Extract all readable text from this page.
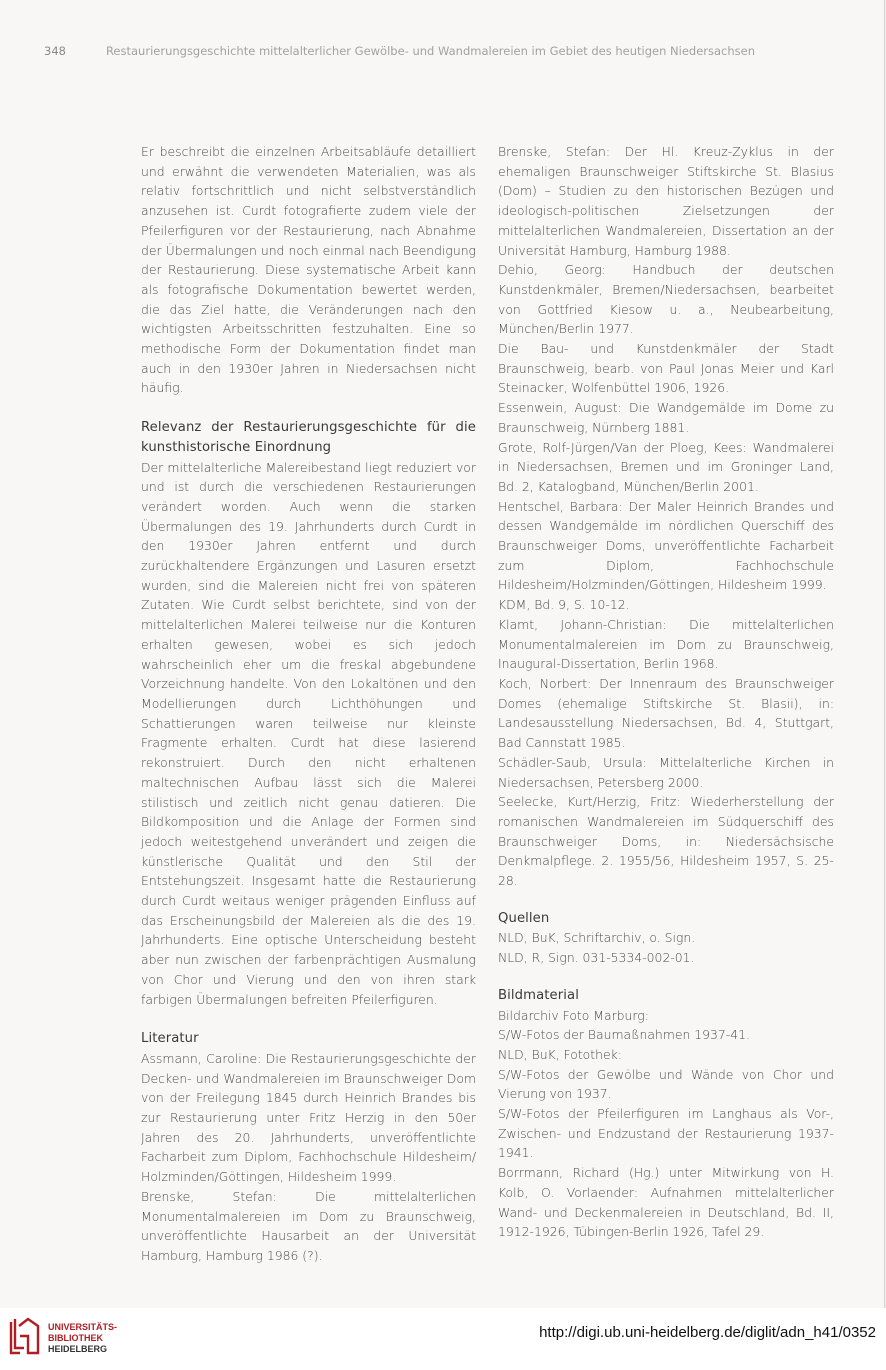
348	Restaurierungsgeschichte mittelalterlicher Gewölbe- und Wandmalereien im Gebiet des heutigen Niedersachsen

Er beschreibt die einzelnen Arbeitsabläufe detailliert und erwähnt die verwendeten Materialien, was als relativ fortschrittlich und nicht selbstverständlich anzusehen ist. Curdt fotografierte zudem viele der Pfeilerfiguren vor der Restaurierung, nach Abnahme der Übermalungen und noch einmal nach Beendigung der Restaurierung. Diese systematische Arbeit kann als fotografische Dokumentation bewertet werden, die das Ziel hatte, die Veränderungen nach den wichtigsten Arbeitsschritten festzuhalten. Eine so methodische Form der Dokumentation findet man auch in den 1930er Jahren in Niedersachsen nicht häufig.

Relevanz der Restaurierungsgeschichte für die kunsthistorische Einordnung

Der mittelalterliche Malereibestand liegt reduziert vor und ist durch die verschiedenen Restaurierungen verändert worden. Auch wenn die starken Übermalungen des 19. Jahrhunderts durch Curdt in den 1930er Jahren entfernt und durch zurückhaltendere Ergänzungen und Lasuren ersetzt wurden, sind die Malereien nicht frei von späteren Zutaten. Wie Curdt selbst berichtete, sind von der mittelalterlichen Malerei teilweise nur die Konturen erhalten gewesen, wobei es sich jedoch wahrscheinlich eher um die freskal abgebundene Vorzeichnung handelte. Von den Lokaltönen und den Modellierungen durch Lichthöhungen und Schattierungen waren teilweise nur kleinste Fragmente erhalten. Curdt hat diese lasierend rekonstruiert. Durch den nicht erhaltenen maltechnischen Aufbau lässt sich die Malerei stilistisch und zeitlich nicht genau datieren. Die Bildkomposition und die Anlage der Formen sind jedoch weitestgehend unverändert und zeigen die künstlerische Qualität und den Stil der Entstehungszeit. Insgesamt hatte die Restaurierung durch Curdt weitaus weniger prägenden Einfluss auf das Erscheinungsbild der Malereien als die des 19. Jahrhunderts. Eine optische Unterscheidung besteht aber nun zwischen der farbenprächtigen Ausmalung von Chor und Vierung und den von ihren stark farbigen Übermalungen befreiten Pfeilerfiguren.

Literatur

Assmann, Caroline: Die Restaurierungsgeschichte der Decken- und Wandmalereien im Braunschweiger Dom von der Freilegung 1845 durch Heinrich Brandes bis zur Restaurierung unter Fritz Herzig in den 50er Jahren des 20. Jahrhunderts, unveröffentlichte Facharbeit zum Diplom, Fachhochschule Hildesheim/ Holzminden/Göttingen, Hildesheim 1999.

Brenske, Stefan: Die mittelalterlichen Monumentalmalereien im Dom zu Braunschweig, unveröffentlichte Hausarbeit an der Universität Hamburg, Hamburg 1986 (?).

Brenske, Stefan: Der Hl. Kreuz-Zyklus in der ehemaligen Braunschweiger Stiftskirche St. Blasius (Dom) – Studien zu den historischen Bezügen und ideologisch-politischen Zielsetzungen der mittelalterlichen Wandmalereien, Dissertation an der Universität Hamburg, Hamburg 1988.

Dehio, Georg: Handbuch der deutschen Kunstdenkmäler, Bremen/Niedersachsen, bearbeitet von Gottfried Kiesow u. a., Neubearbeitung, München/Berlin 1977.

Die Bau- und Kunstdenkmäler der Stadt Braunschweig, bearb. von Paul Jonas Meier und Karl Steinacker, Wolfenbüttel 1906, 1926.

Essenwein, August: Die Wandgemälde im Dome zu Braunschweig, Nürnberg 1881.

Grote, Rolf-Jürgen/Van der Ploeg, Kees: Wandmalerei in Niedersachsen, Bremen und im Groninger Land, Bd. 2, Katalogband, München/Berlin 2001.

Hentschel, Barbara: Der Maler Heinrich Brandes und dessen Wandgemälde im nördlichen Querschiff des Braunschweiger Doms, unveröffentlichte Facharbeit zum Diplom, Fachhochschule Hildesheim/Holzminden/Göttingen, Hildesheim 1999.

KDM, Bd. 9, S. 10-12.

Klamt, Johann-Christian: Die mittelalterlichen Monumentalmalereien im Dom zu Braunschweig, Inaugural-Dissertation, Berlin 1968.

Koch, Norbert: Der Innenraum des Braunschweiger Domes (ehemalige Stiftskirche St. Blasii), in: Landesausstellung Niedersachsen, Bd. 4, Stuttgart, Bad Cannstatt 1985.

Schädler-Saub, Ursula: Mittelalterliche Kirchen in Niedersachsen, Petersberg 2000.

Seelecke, Kurt/Herzig, Fritz: Wiederherstellung der romanischen Wandmalereien im Südquerschiff des Braunschweiger Doms, in: Niedersächsische Denkmalpflege. 2. 1955/56, Hildesheim 1957, S. 25-28.

Quellen

NLD, BuK, Schriftarchiv, o. Sign.

NLD, R, Sign. 031-5334-002-01.

Bildmaterial

Bildarchiv Foto Marburg:

S/W-Fotos der Baumaßnahmen 1937-41.

NLD, BuK, Fotothek:

S/W-Fotos der Gewölbe und Wände von Chor und Vierung von 1937.

S/W-Fotos der Pfeilerfiguren im Langhaus als Vor-, Zwischen- und Endzustand der Restaurierung 1937-1941.

Borrmann, Richard (Hg.) unter Mitwirkung von H. Kolb, O. Vorlaender: Aufnahmen mittelalterlicher Wand- und Deckenmalereien in Deutschland, Bd. II, 1912-1926, Tübingen-Berlin 1926, Tafel 29.

UNIVERSITÄTS-
BIBLIOTHEK
HEIDELBERG
http://digi.ub.uni-heidelberg.de/diglit/adn_h41/0352
